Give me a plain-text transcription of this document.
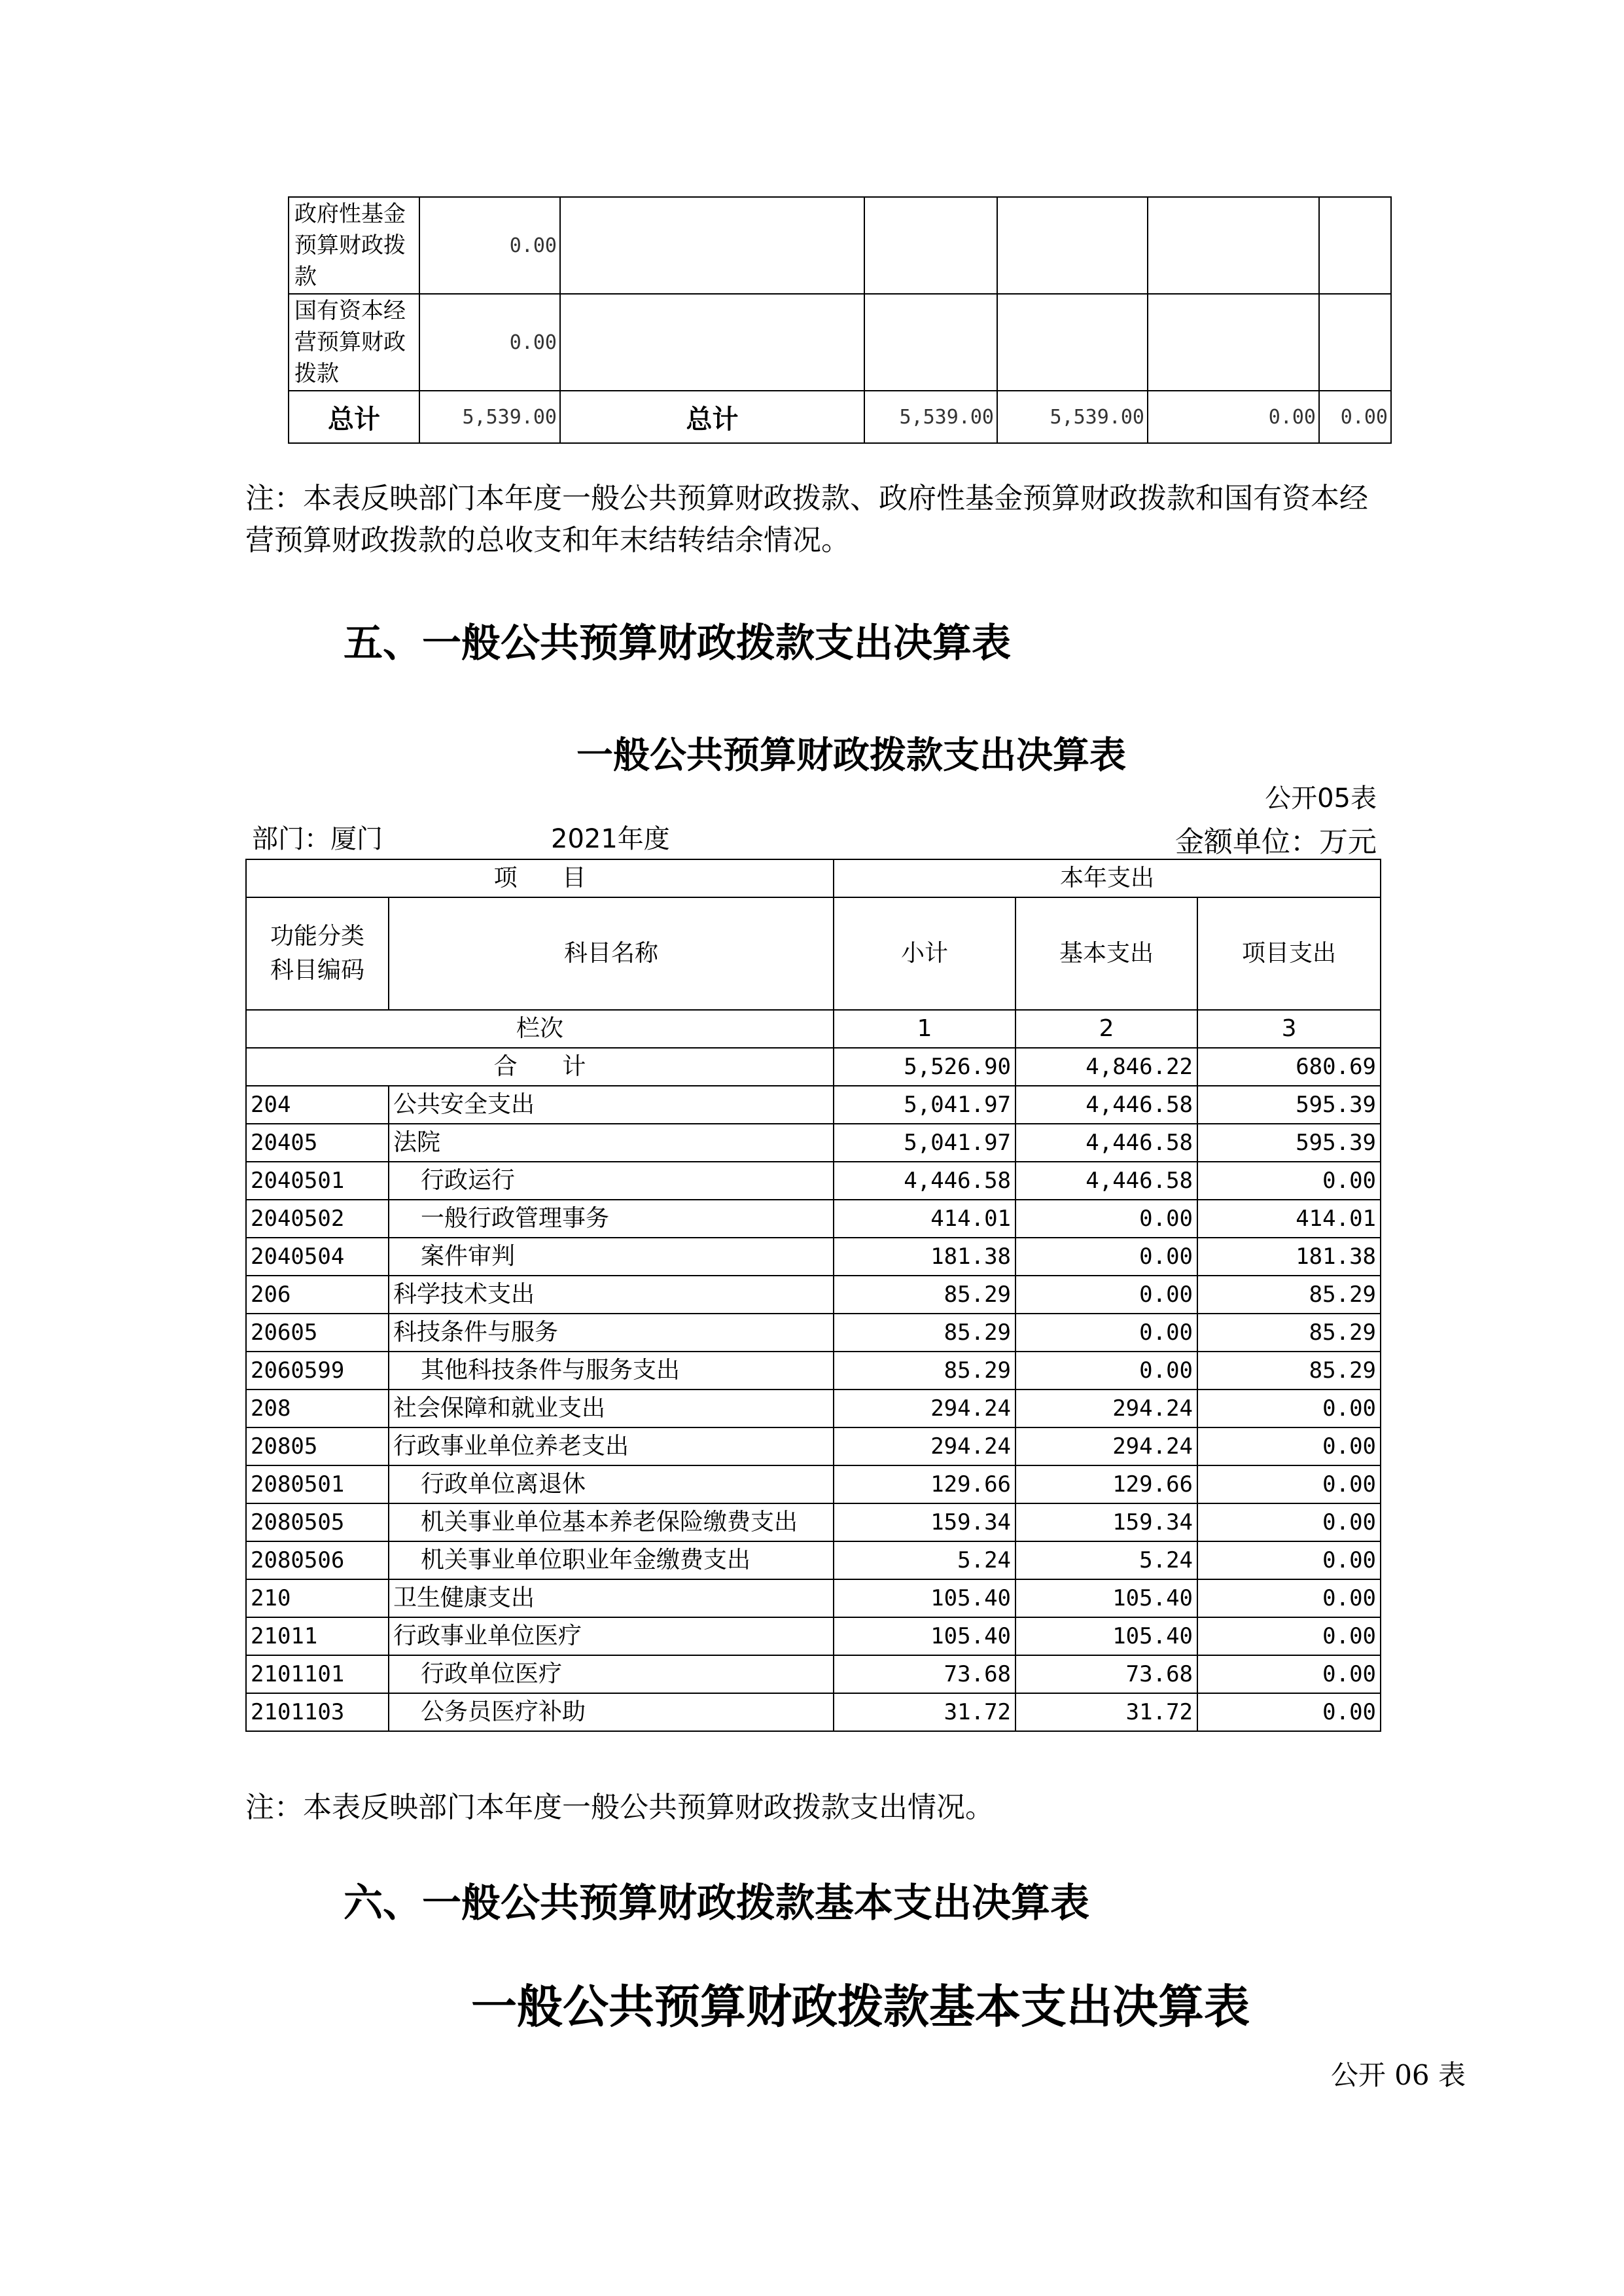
政府性基金预算财政拨款	0.00					
国有资本经营预算财政拨款	0.00					
总计	5,539.00	总计	5,539.00	5,539.00	0.00	0.00
注：本表反映部门本年度一般公共预算财政拨款、政府性基金预算财政拨款和国有资本经营预算财政拨款的总收支和年末结转结余情况。
五、一般公共预算财政拨款支出决算表
一般公共预算财政拨款支出决算表
公开05表
部门：厦门	2021年度	金额单位：万元
项      目		本年支出		
功能分类科目编码	科目名称	小计	基本支出	项目支出
栏次		1	2	3
合      计		5,526.90	4,846.22	680.69
204	公共安全支出	5,041.97	4,446.58	595.39
20405	法院	5,041.97	4,446.58	595.39
2040501	行政运行	4,446.58	4,446.58	0.00
2040502	一般行政管理事务	414.01	0.00	414.01
2040504	案件审判	181.38	0.00	181.38
206	科学技术支出	85.29	0.00	85.29
20605	科技条件与服务	85.29	0.00	85.29
2060599	其他科技条件与服务支出	85.29	0.00	85.29
208	社会保障和就业支出	294.24	294.24	0.00
20805	行政事业单位养老支出	294.24	294.24	0.00
2080501	行政单位离退休	129.66	129.66	0.00
2080505	机关事业单位基本养老保险缴费支出	159.34	159.34	0.00
2080506	机关事业单位职业年金缴费支出	5.24	5.24	0.00
210	卫生健康支出	105.40	105.40	0.00
21011	行政事业单位医疗	105.40	105.40	0.00
2101101	行政单位医疗	73.68	73.68	0.00
2101103	公务员医疗补助	31.72	31.72	0.00
注：本表反映部门本年度一般公共预算财政拨款支出情况。
六、一般公共预算财政拨款基本支出决算表
一般公共预算财政拨款基本支出决算表
公开 06 表
